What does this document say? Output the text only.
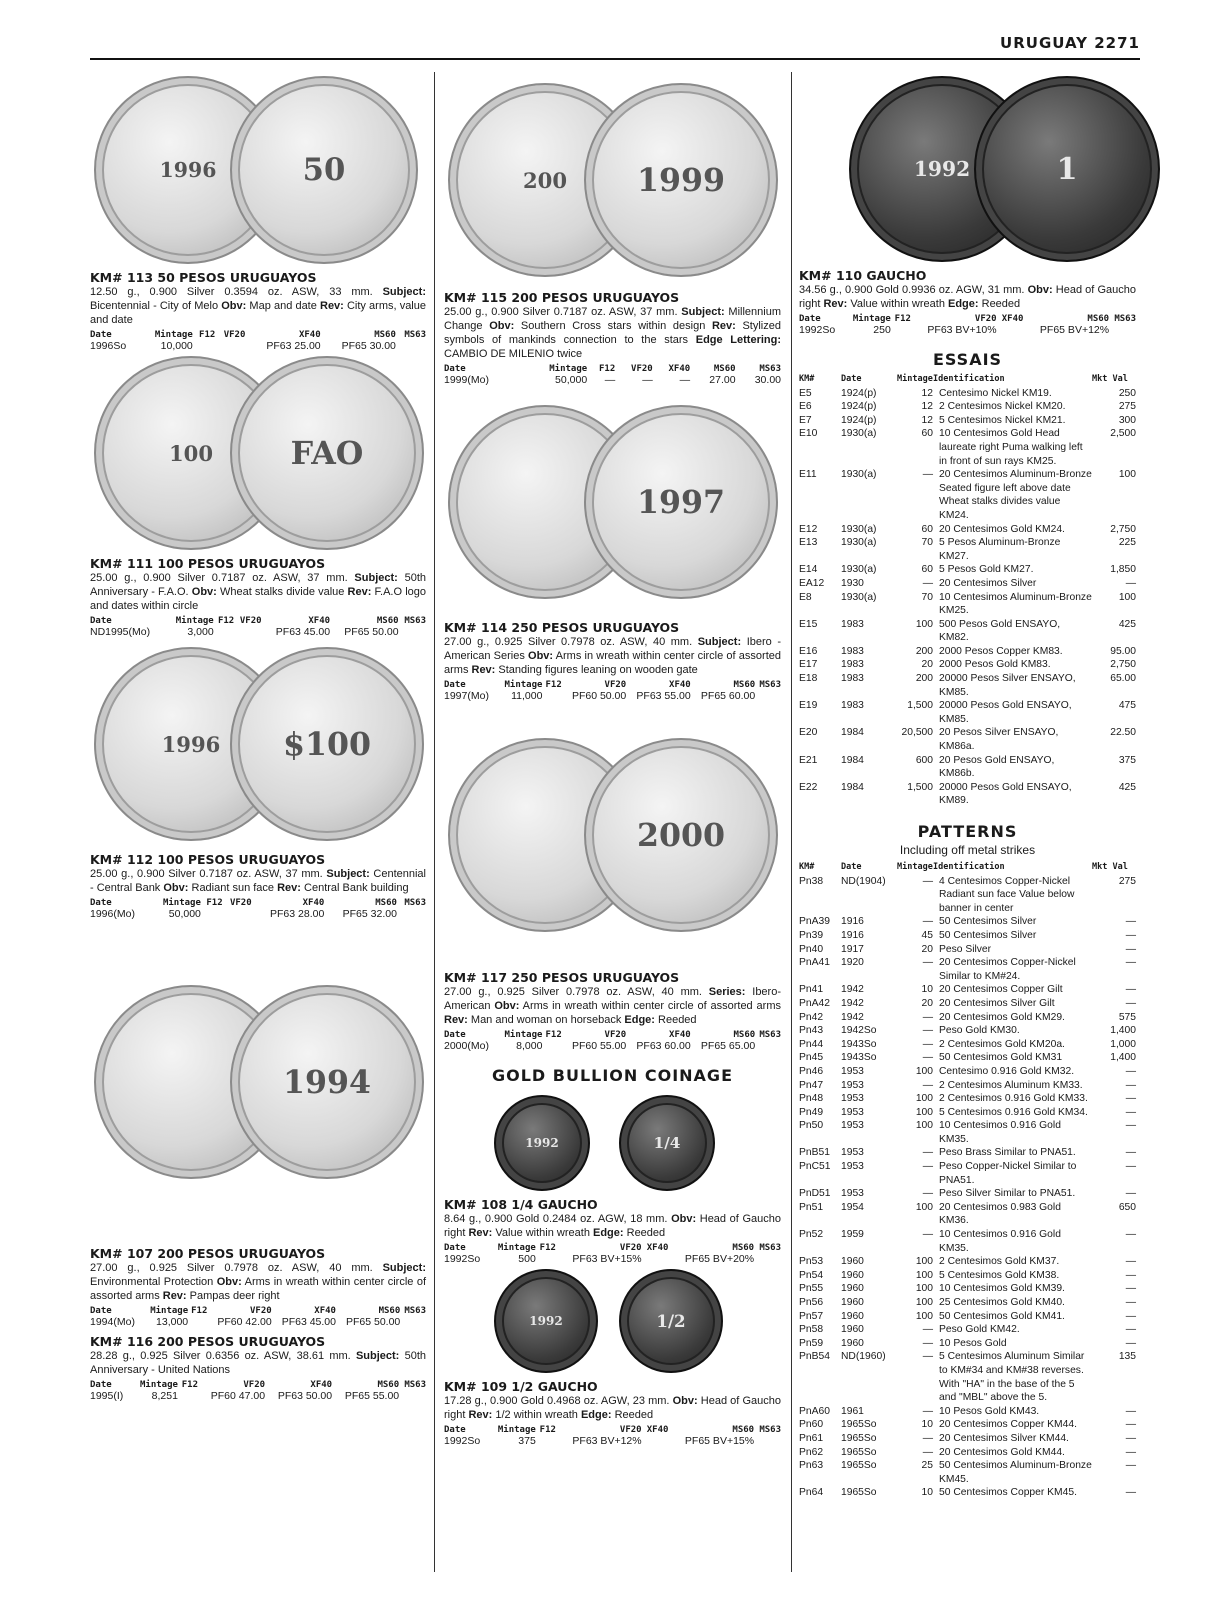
URUGUAY 2271
1996	50
KM# 113 50 PESOS URUGUAYOS
12.50 g., 0.900 Silver 0.3594 oz. ASW, 33 mm. Subject: Bicentennial - City of Melo Obv: Map and date Rev: City arms, value and date
Date	Mintage	F12	VF20	XF40	MS60	MS63
1996So	10,000			PF63 25.00	PF65 30.00	
100 FAO
KM# 111 100 PESOS URUGUAYOS
25.00 g., 0.900 Silver 0.7187 oz. ASW, 37 mm. Subject: 50th Anniversary - F.A.O. Obv: Wheat stalks divide value Rev: F.A.O logo and dates within circle
Date	Mintage	F12	VF20	XF40	MS60	MS63
ND1995(Mo)	3,000			PF63 45.00	PF65 50.00	
1996 $100
KM# 112 100 PESOS URUGUAYOS
25.00 g., 0.900 Silver 0.7187 oz. ASW, 37 mm. Subject: Centennial - Central Bank Obv: Radiant sun face Rev: Central Bank building
Date	Mintage	F12	VF20	XF40	MS60	MS63
1996(Mo)	50,000			PF63 28.00	PF65 32.00	
1994
KM# 107 200 PESOS URUGUAYOS
27.00 g., 0.925 Silver 0.7978 oz. ASW, 40 mm. Subject: Environmental Protection Obv: Arms in wreath within center circle of assorted arms Rev: Pampas deer right
Date	Mintage	F12	VF20	XF40	MS60	MS63
1994(Mo)	13,000		PF60 42.00	PF63 45.00	PF65 50.00	
KM# 116 200 PESOS URUGUAYOS
28.28 g., 0.925 Silver 0.6356 oz. ASW, 38.61 mm. Subject: 50th Anniversary - United Nations
Date	Mintage	F12	VF20	XF40	MS60	MS63
1995(I)	8,251		PF60 47.00	PF63 50.00	PF65 55.00	
200 1999
KM# 115 200 PESOS URUGUAYOS
25.00 g., 0.900 Silver 0.7187 oz. ASW, 37 mm. Subject: Millennium Change Obv: Southern Cross stars within design Rev: Stylized symbols of mankinds connection to the stars Edge Lettering: CAMBIO DE MILENIO twice
Date	Mintage	F12	VF20	XF40	MS60	MS63
1999(Mo)	50,000	—	—	—	27.00	30.00
1997
KM# 114 250 PESOS URUGUAYOS
27.00 g., 0.925 Silver 0.7978 oz. ASW, 40 mm. Subject: Ibero - American Series Obv: Arms in wreath within center circle of assorted arms Rev: Standing figures leaning on wooden gate
Date	Mintage	F12	VF20	XF40	MS60	MS63
1997(Mo)	11,000		PF60 50.00	PF63 55.00	PF65 60.00	
2000
KM# 117 250 PESOS URUGUAYOS
27.00 g., 0.925 Silver 0.7978 oz. ASW, 40 mm. Series: Ibero-American Obv: Arms in wreath within center circle of assorted arms Rev: Man and woman on horseback Edge: Reeded
Date	Mintage	F12	VF20	XF40	MS60	MS63
2000(Mo)	8,000		PF60 55.00	PF63 60.00	PF65 65.00	
GOLD BULLION COINAGE
1992	1/4
KM# 108 1/4 GAUCHO
8.64 g., 0.900 Gold 0.2484 oz. AGW, 18 mm. Obv: Head of Gaucho right Rev: Value within wreath Edge: Reeded
Date	Mintage	F12	VF20	XF40	MS60	MS63
1992So	500		PF63 BV+15%		PF65 BV+20%	
1992	1/2
KM# 109 1/2 GAUCHO
17.28 g., 0.900 Gold 0.4968 oz. AGW, 23 mm. Obv: Head of Gaucho right Rev: 1/2 within wreath Edge: Reeded
Date	Mintage	F12	VF20	XF40	MS60	MS63
1992So	375		PF63 BV+12%		PF65 BV+15%	
1992	1
KM# 110 GAUCHO
34.56 g., 0.900 Gold 0.9936 oz. AGW, 31 mm. Obv: Head of Gaucho right Rev: Value within wreath Edge: Reeded
Date	Mintage	F12	VF20	XF40	MS60	MS63
1992So	250		PF63 BV+10%		PF65 BV+12%	
ESSAIS
KM#	Date	Mintage	Identification	Mkt Val
E5	1924(p)	12	Centesimo Nickel KM19.	250
E6	1924(p)	12	2 Centesimos Nickel KM20.	275
E7	1924(p)	12	5 Centesimos Nickel KM21.	300
E10	1930(a)	60	10 Centesimos Gold Head laureate right Puma walking left in front of sun rays KM25.	2,500
E11	1930(a)	—	20 Centesimos Aluminum-Bronze Seated figure left above date Wheat stalks divides value KM24.	100
E12	1930(a)	60	20 Centesimos Gold KM24.	2,750
E13	1930(a)	70	5 Pesos Aluminum-Bronze KM27.	225
E14	1930(a)	60	5 Pesos Gold KM27.	1,850
EA12	1930	—	20 Centesimos Silver	—
E8	1930(a)	70	10 Centesimos Aluminum-Bronze KM25.	100
E15	1983	100	500 Pesos Gold ENSAYO, KM82.	425
E16	1983	200	2000 Pesos Copper KM83.	95.00
E17	1983	20	2000 Pesos Gold KM83.	2,750
E18	1983	200	20000 Pesos Silver ENSAYO, KM85.	65.00
E19	1983	1,500	20000 Pesos Gold ENSAYO, KM85.	475
E20	1984	20,500	20 Pesos Silver ENSAYO, KM86a.	22.50
E21	1984	600	20 Pesos Gold ENSAYO, KM86b.	375
E22	1984	1,500	20000 Pesos Gold ENSAYO, KM89.	425
PATTERNS
Including off metal strikes
KM#	Date	Mintage	Identification	Mkt Val
Pn38	ND(1904)	—	4 Centesimos Copper-Nickel Radiant sun face Value below banner in center	275
PnA39	1916	—	50 Centesimos Silver	—
Pn39	1916	45	50 Centesimos Silver	—
Pn40	1917	20	Peso Silver	—
PnA41	1920	—	20 Centesimos Copper-Nickel Similar to KM#24.	—
Pn41	1942	10	20 Centesimos Copper Gilt	—
PnA42	1942	20	20 Centesimos Silver Gilt	—
Pn42	1942	—	20 Centesimos Gold KM29.	575
Pn43	1942So	—	Peso Gold KM30.	1,400
Pn44	1943So	—	2 Centesimos Gold KM20a.	1,000
Pn45	1943So	—	50 Centesimos Gold KM31	1,400
Pn46	1953	100	Centesimo 0.916 Gold KM32.	—
Pn47	1953	—	2 Centesimos Aluminum KM33.	—
Pn48	1953	100	2 Centesimos 0.916 Gold KM33.	—
Pn49	1953	100	5 Centesimos 0.916 Gold KM34.	—
Pn50	1953	100	10 Centesimos 0.916 Gold KM35.	—
PnB51	1953	—	Peso Brass Similar to PNA51.	—
PnC51	1953	—	Peso Copper-Nickel Similar to PNA51.	—
PnD51	1953	—	Peso Silver Similar to PNA51.	—
Pn51	1954	100	20 Centesimos 0.983 Gold KM36.	650
Pn52	1959	—	10 Centesimos 0.916 Gold KM35.	—
Pn53	1960	100	2 Centesimos Gold KM37.	—
Pn54	1960	100	5 Centesimos Gold KM38.	—
Pn55	1960	100	10 Centesimos Gold KM39.	—
Pn56	1960	100	25 Centesimos Gold KM40.	—
Pn57	1960	100	50 Centesimos Gold KM41.	—
Pn58	1960	—	Peso Gold KM42.	—
Pn59	1960	—	10 Pesos Gold	—
PnB54	ND(1960)	—	5 Centesimos Aluminum Similar to KM#34 and KM#38 reverses. With "HA" in the base of the 5 and "MBL" above the 5.	135
PnA60	1961	—	10 Pesos Gold KM43.	—
Pn60	1965So	10	20 Centesimos Copper KM44.	—
Pn61	1965So	—	20 Centesimos Silver KM44.	—
Pn62	1965So	—	20 Centesimos Gold KM44.	—
Pn63	1965So	25	50 Centesimos Aluminum-Bronze KM45.	—
Pn64	1965So	10	50 Centesimos Copper KM45.	—
